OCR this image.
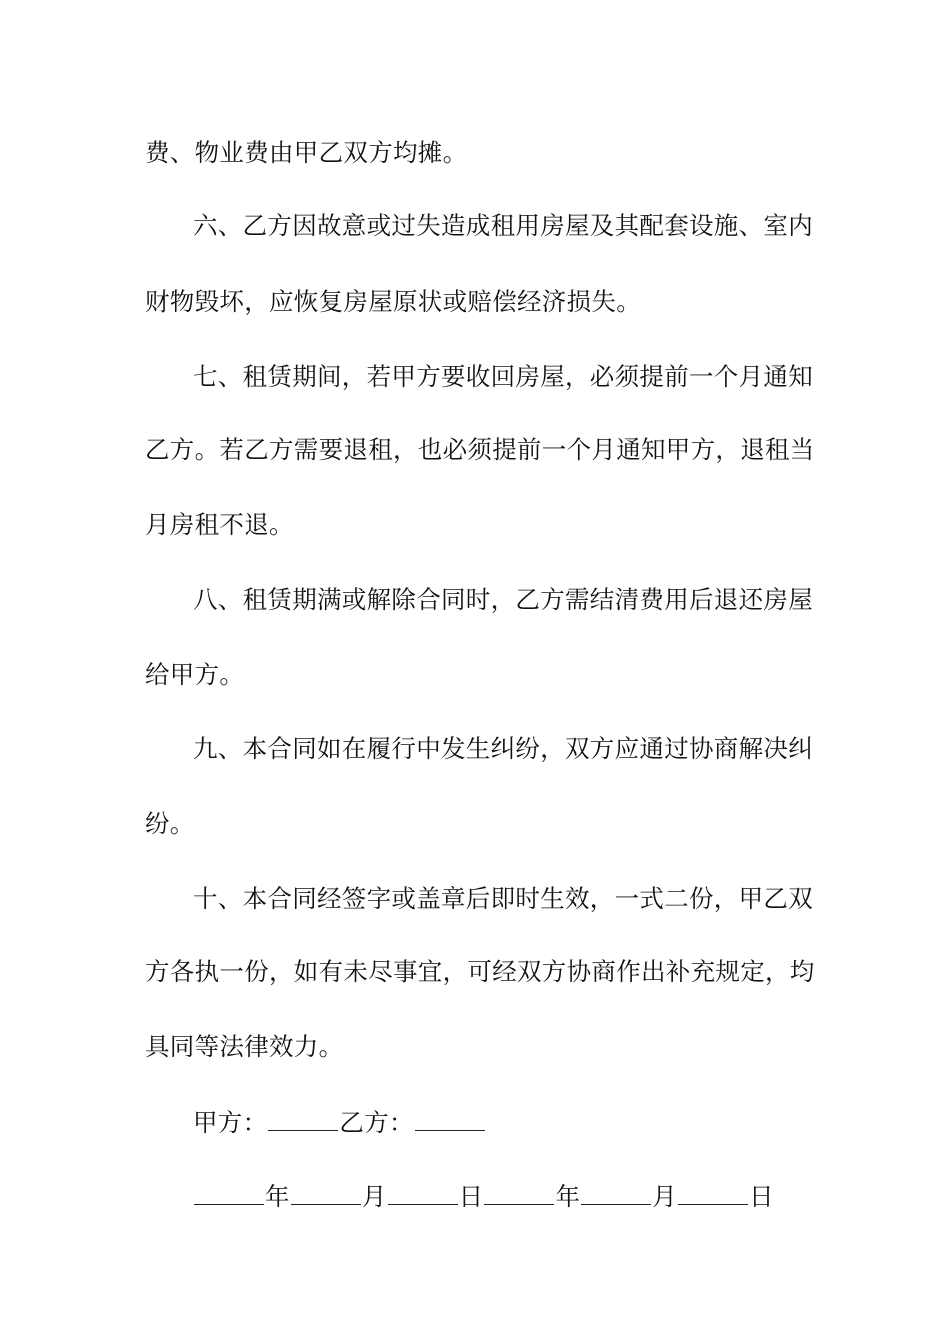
费、物业费由甲乙双方均摊。
六、乙方因故意或过失造成租用房屋及其配套设施、室内
财物毁坏，应恢复房屋原状或赔偿经济损失。
七、租赁期间，若甲方要收回房屋，必须提前一个月通知
乙方。若乙方需要退租，也必须提前一个月通知甲方，退租当
月房租不退。
八、租赁期满或解除合同时，乙方需结清费用后退还房屋
给甲方。
九、本合同如在履行中发生纠纷，双方应通过协商解决纠
纷。
十、本合同经签字或盖章后即时生效，一式二份，甲乙双
方各执一份，如有未尽事宜，可经双方协商作出补充规定，均
具同等法律效力。
甲方：	乙方：
年	月	日	年	月	日
